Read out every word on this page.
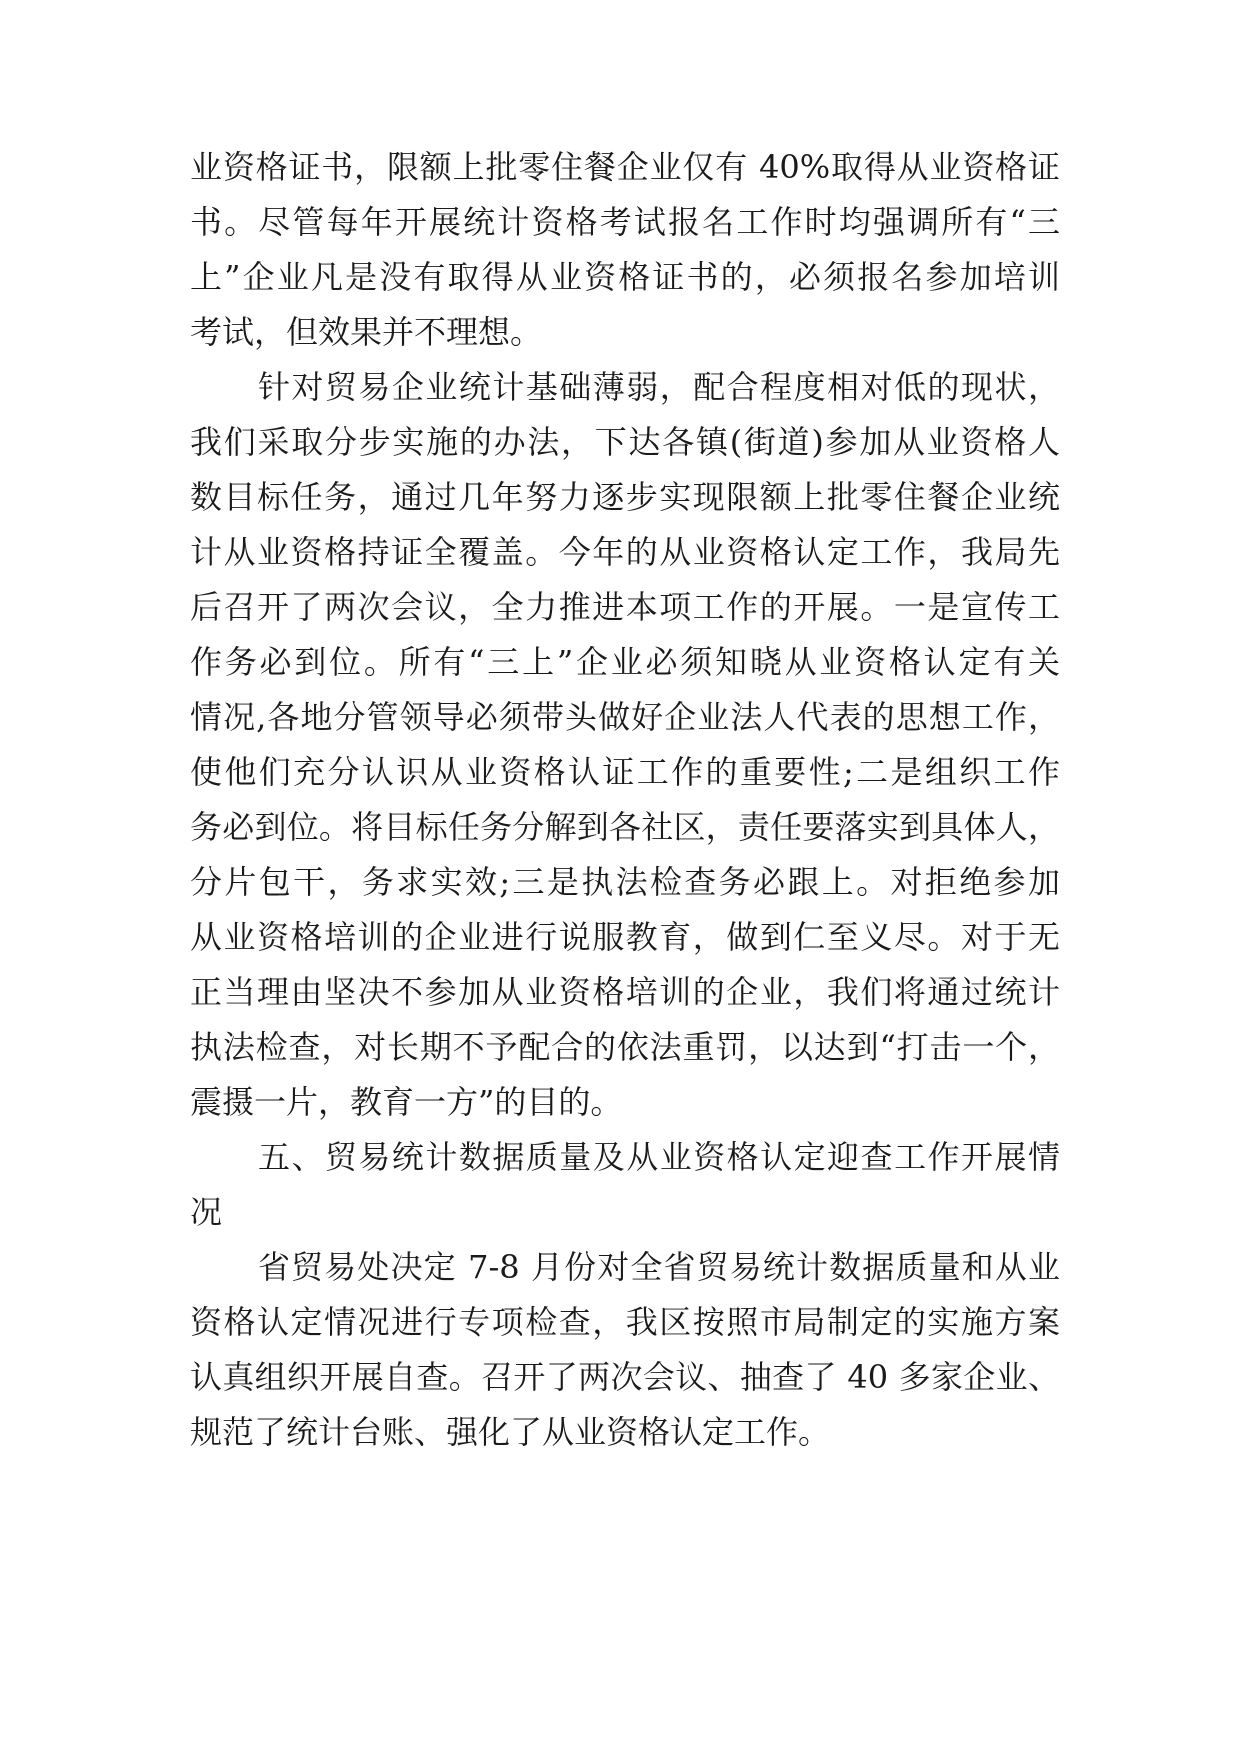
业资格证书，限额上批零住餐企业仅有 40%取得从业资格证
书。尽管每年开展统计资格考试报名工作时均强调所有“三
上”企业凡是没有取得从业资格证书的，必须报名参加培训
考试，但效果并不理想。
针对贸易企业统计基础薄弱，配合程度相对低的现状，
我们采取分步实施的办法，下达各镇(街道)参加从业资格人
数目标任务，通过几年努力逐步实现限额上批零住餐企业统
计从业资格持证全覆盖。今年的从业资格认定工作，我局先
后召开了两次会议，全力推进本项工作的开展。一是宣传工
作务必到位。所有“三上”企业必须知晓从业资格认定有关
情况,各地分管领导必须带头做好企业法人代表的思想工作，
使他们充分认识从业资格认证工作的重要性;二是组织工作
务必到位。将目标任务分解到各社区，责任要落实到具体人，
分片包干，务求实效;三是执法检查务必跟上。对拒绝参加
从业资格培训的企业进行说服教育，做到仁至义尽。对于无
正当理由坚决不参加从业资格培训的企业，我们将通过统计
执法检查，对长期不予配合的依法重罚，以达到“打击一个，
震摄一片，教育一方”的目的。
五、贸易统计数据质量及从业资格认定迎查工作开展情
况
省贸易处决定 7-8 月份对全省贸易统计数据质量和从业
资格认定情况进行专项检查，我区按照市局制定的实施方案
认真组织开展自查。召开了两次会议、抽查了 40 多家企业、
规范了统计台账、强化了从业资格认定工作。
